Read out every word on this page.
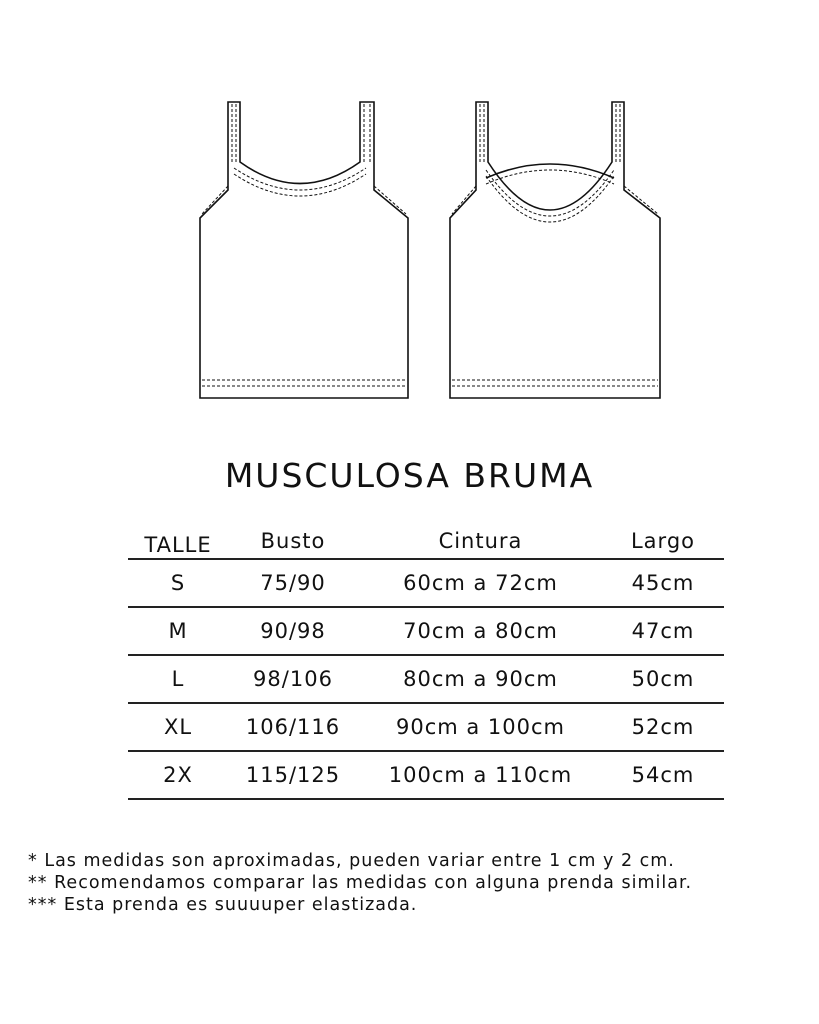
MUSCULOSA BRUMA
TALLE	Busto	Cintura	Largo
S	75/90	60cm a 72cm	45cm
M	90/98	70cm a 80cm	47cm
L	98/106	80cm a 90cm	50cm
XL	106/116	90cm a 100cm	52cm
2X	115/125	100cm a 110cm	54cm
* Las medidas son aproximadas, pueden variar entre 1 cm y 2 cm.
** Recomendamos comparar las medidas con alguna prenda similar.
*** Esta prenda es suuuuper elastizada.
